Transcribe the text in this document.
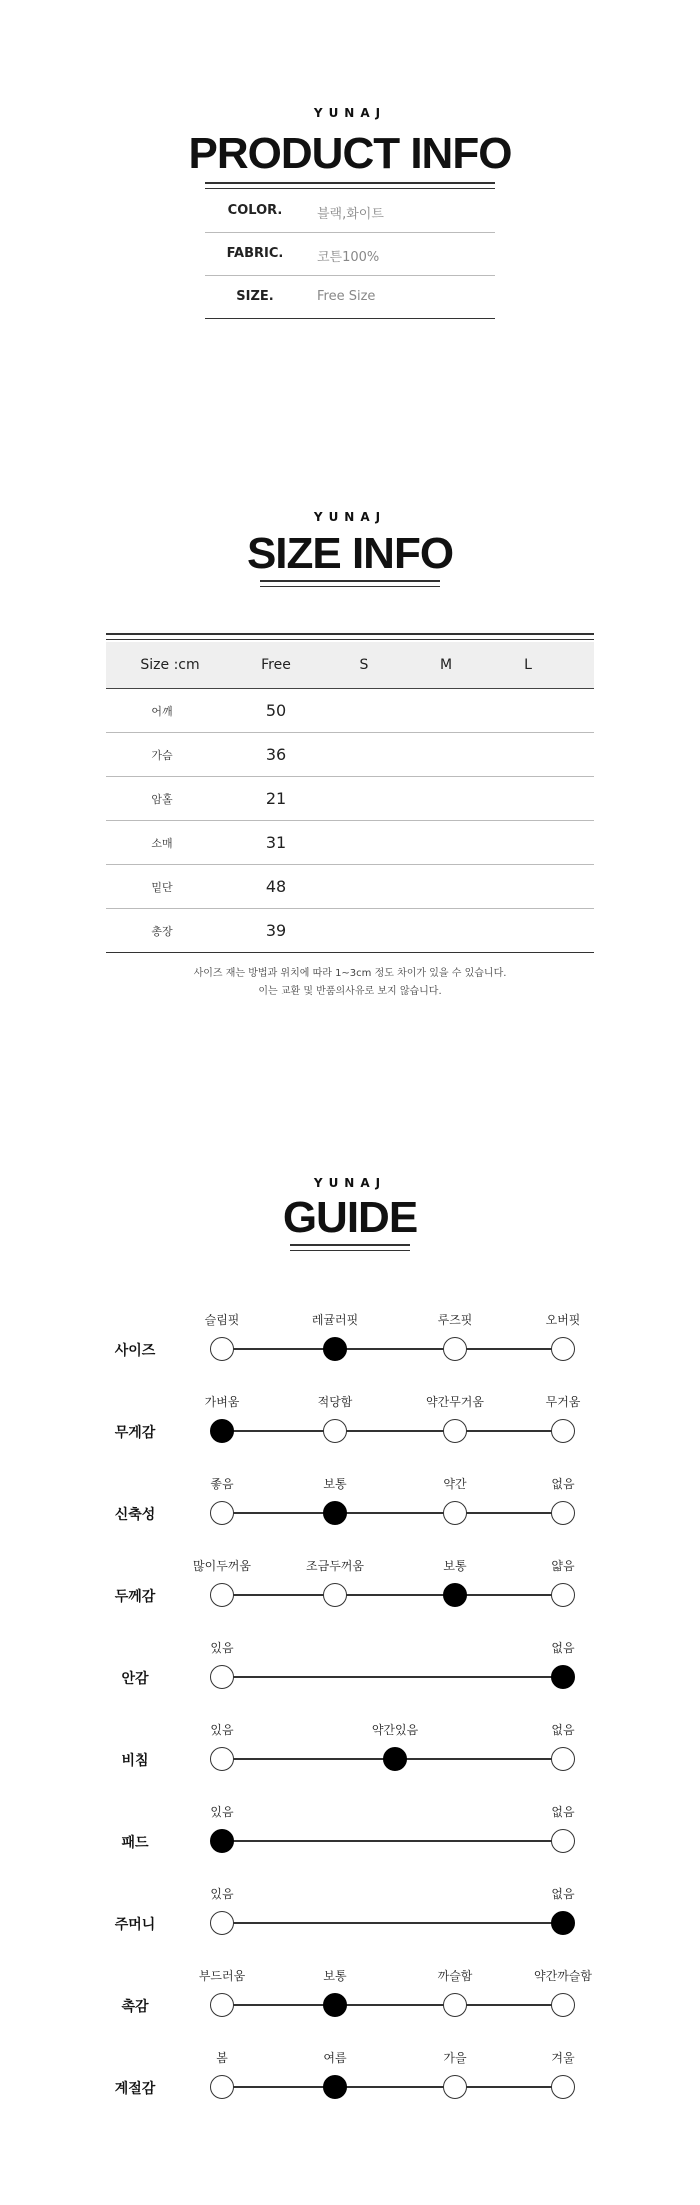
YUNAJ
PRODUCT INFO
COLOR.	블랙,화이트
FABRIC.	코튼100%
SIZE.	Free Size
YUNAJ
SIZE INFO
Size :cm	Free	S	M	L
어깨	50
가슴	36
암홀	21
소매	31
밑단	48
총장	39
사이즈 재는 방법과 위치에 따라 1~3cm 정도 차이가 있을 수 있습니다.
이는 교환 및 반품의사유로 보지 않습니다.
YUNAJ
GUIDE
사이즈
슬림핏	레귤러핏	루즈핏	오버핏
무게감
가벼움	적당함	약간무거움	무거움
신축성
좋음	보통	약간	없음
두께감
많이두꺼움	조금두꺼움	보통	얇음
안감
있음	없음
비침
있음	약간있음	없음
패드
있음	없음
주머니
있음	없음
촉감
부드러움	보통	까슬함	약간까슬함
계절감
봄	여름	가을	겨울
